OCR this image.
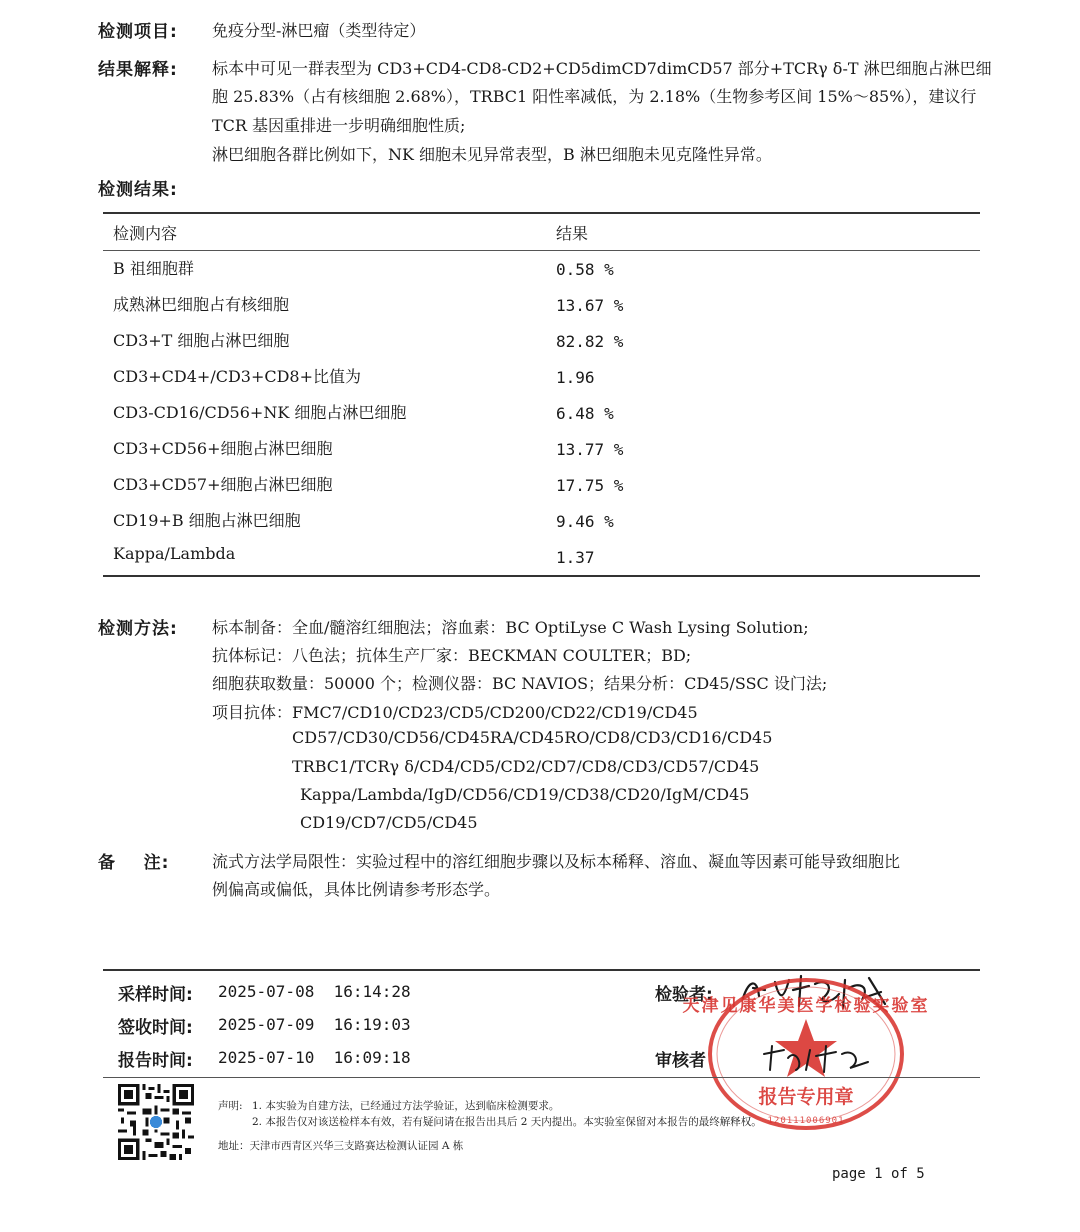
检测项目: 免疫分型-淋巴瘤（类型待定）
结果解释: 标本中可见一群表型为 CD3+CD4-CD8-CD2+CD5dimCD7dimCD57 部分+TCRγ δ-T 淋巴细胞占淋巴细
胞 25.83%（占有核细胞 2.68%），TRBC1 阳性率减低，为 2.18%（生物参考区间 15%～85%），建议行
TCR 基因重排进一步明确细胞性质;
淋巴细胞各群比例如下，NK 细胞未见异常表型，B 淋巴细胞未见克隆性异常。
检测结果:
检测内容	结果
B 祖细胞群	0.58 %
成熟淋巴细胞占有核细胞	13.67 %
CD3+T 细胞占淋巴细胞	82.82 %
CD3+CD4+/CD3+CD8+比值为	1.96
CD3-CD16/CD56+NK 细胞占淋巴细胞	6.48 %
CD3+CD56+细胞占淋巴细胞	13.77 %
CD3+CD57+细胞占淋巴细胞	17.75 %
CD19+B 细胞占淋巴细胞	9.46 %
Kappa/Lambda	1.37
检测方法: 标本制备：全血/髓溶红细胞法；溶血素：BC OptiLyse C Wash Lysing Solution;
抗体标记：八色法；抗体生产厂家：BECKMAN COULTER；BD;
细胞获取数量：50000 个；检测仪器：BC NAVIOS；结果分析：CD45/SSC 设门法;
项目抗体：FMC7/CD10/CD23/CD5/CD200/CD22/CD19/CD45
CD57/CD30/CD56/CD45RA/CD45RO/CD8/CD3/CD16/CD45
TRBC1/TCRγ δ/CD4/CD5/CD2/CD7/CD8/CD3/CD57/CD45
Kappa/Lambda/IgD/CD56/CD19/CD38/CD20/IgM/CD45
CD19/CD7/CD5/CD45
备    注:	流式方法学局限性：实验过程中的溶红细胞步骤以及标本稀释、溶血、凝血等因素可能导致细胞比
例偏高或偏低，具体比例请参考形态学。
采样时间: 2025-07-08  16:14:28
签收时间: 2025-07-09  16:19:03
报告时间: 2025-07-10  16:09:18
检验者:
审核者
天津见康华美医学检验实验室
报告专用章
120111006901
声明: 1. 本实验为自建方法，已经通过方法学验证，达到临床检测要求。
2. 本报告仅对该送检样本有效，若有疑问请在报告出具后 2 天内提出。本实验室保留对本报告的最终解释权。
地址：天津市西青区兴华三支路赛达检测认证园 A 栋
page 1 of 5
